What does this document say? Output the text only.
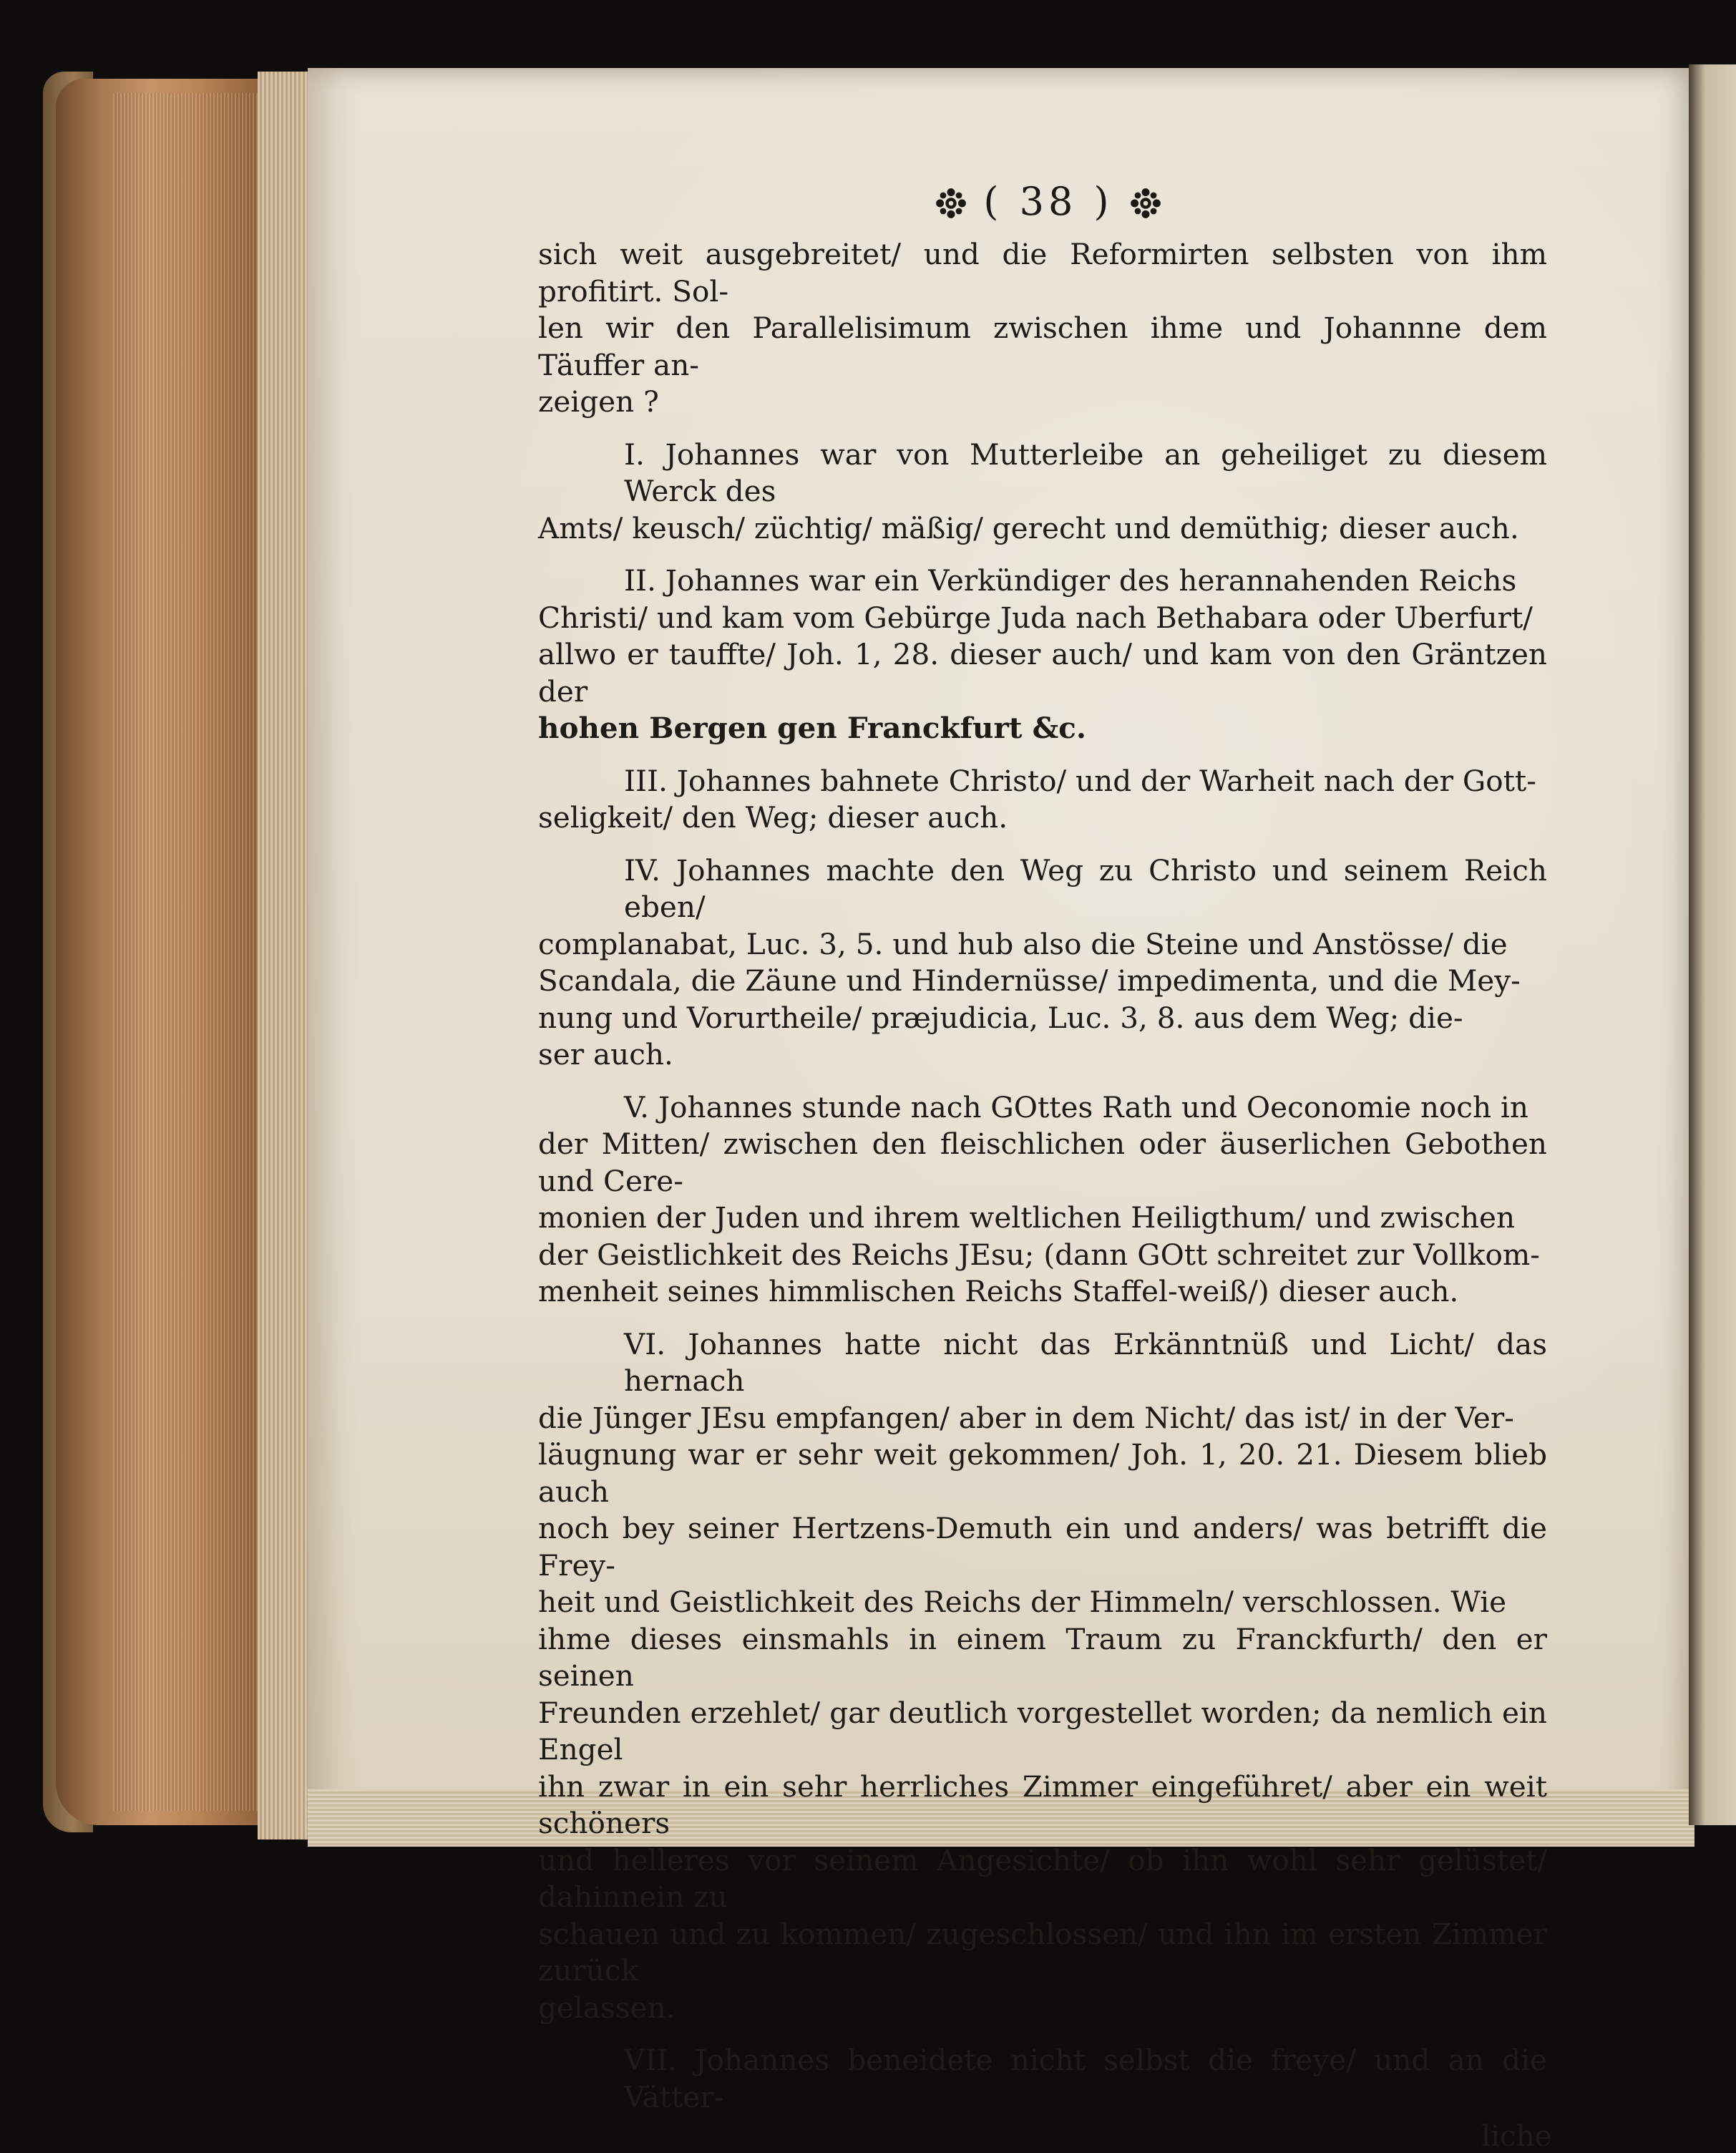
( 38 )

sich weit ausgebreitet/ und die Reformirten selbsten von ihm profitirt. Sol-
len wir den Parallelisimum zwischen ihme und Johannne dem Täuffer an-
zeigen ?

I. Johannes war von Mutterleibe an geheiliget zu diesem Werck des

Amts/ keusch/ züchtig/ mäßig/ gerecht und demüthig; dieser auch.

II. Johannes war ein Verkündiger des herannahenden Reichs

Christi/ und kam vom Gebürge Juda nach Bethabara oder Uberfurt/
allwo er tauffte/ Joh. 1, 28. dieser auch/ und kam von den Gräntzen der
hohen Bergen gen Franckfurt &c.

III. Johannes bahnete Christo/ und der Warheit nach der Gott-

seligkeit/ den Weg; dieser auch.

IV. Johannes machte den Weg zu Christo und seinem Reich eben/

complanabat, Luc. 3, 5. und hub also die Steine und Anstösse/ die
Scandala, die Zäune und Hindernüsse/ impedimenta, und die Mey-
nung und Vorurtheile/ præjudicia, Luc. 3, 8. aus dem Weg; die-
ser auch.

V. Johannes stunde nach GOttes Rath und Oeconomie noch in

der Mitten/ zwischen den fleischlichen oder äuserlichen Gebothen und Cere-
monien der Juden und ihrem weltlichen Heiligthum/ und zwischen
der Geistlichkeit des Reichs JEsu; (dann GOtt schreitet zur Vollkom-
menheit seines himmlischen Reichs Staffel-weiß/) dieser auch.

VI. Johannes hatte nicht das Erkänntnüß und Licht/ das hernach

die Jünger JEsu empfangen/ aber in dem Nicht/ das ist/ in der Ver-
läugnung war er sehr weit gekommen/ Joh. 1, 20. 21. Diesem blieb auch
noch bey seiner Hertzens-Demuth ein und anders/ was betrifft die Frey-
heit und Geistlichkeit des Reichs der Himmeln/ verschlossen. Wie
ihme dieses einsmahls in einem Traum zu Franckfurth/ den er seinen
Freunden erzehlet/ gar deutlich vorgestellet worden; da nemlich ein Engel
ihn zwar in ein sehr herrliches Zimmer eingeführet/ aber ein weit schöners
und helleres vor seinem Angesichte/ ob ihn wohl sehr gelüstet/ dahinnein zu
schauen und zu kommen/ zugeschlossen/ und ihn im ersten Zimmer zurück
gelassen.

VII. Johannes beneidete nicht selbst die freye/ und an die Vätter-

liche
